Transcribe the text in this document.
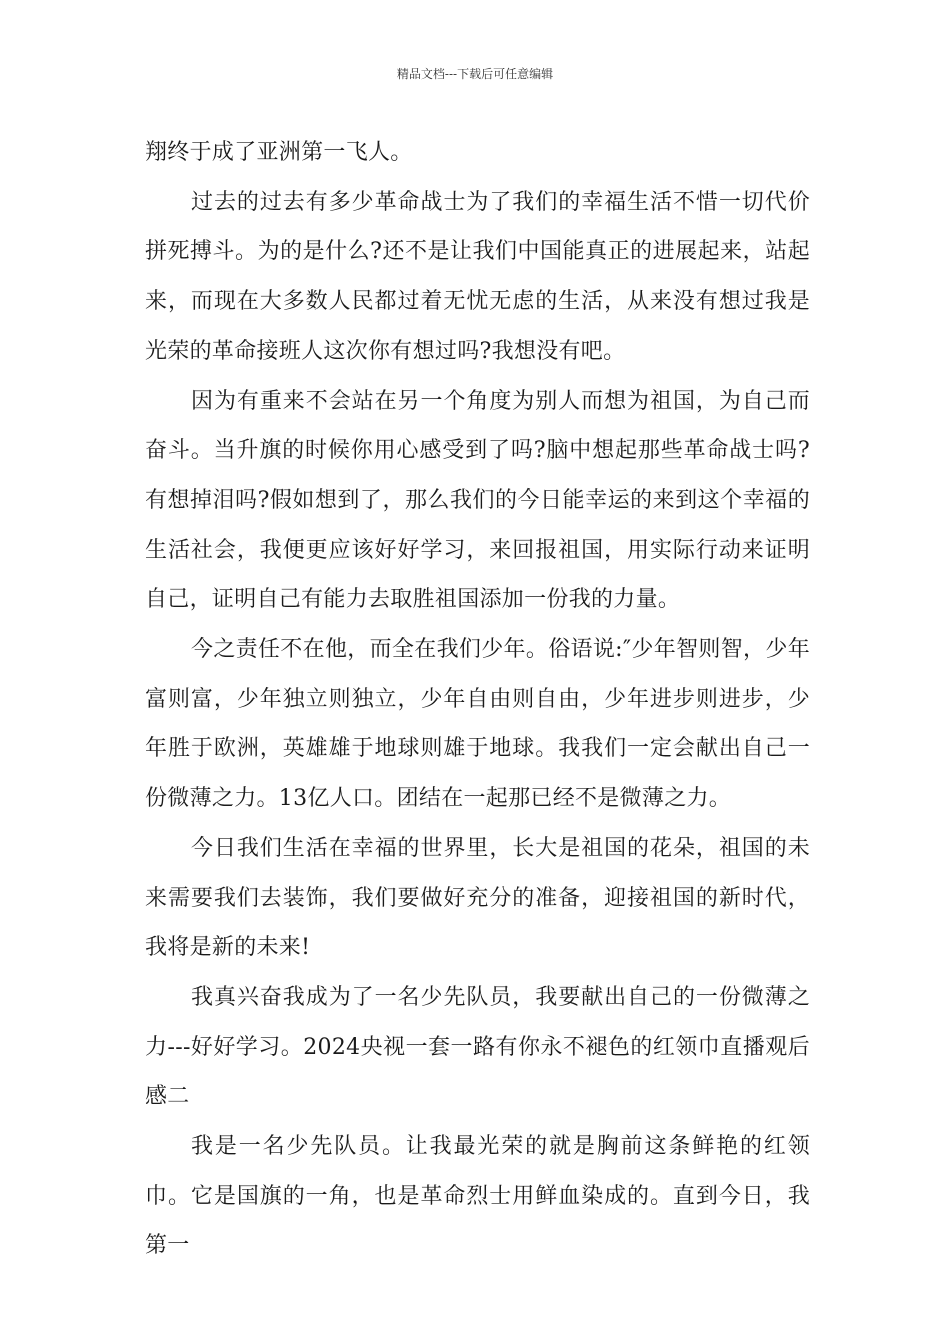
精品文档---下载后可任意编辑

翔终于成了亚洲第一飞人。

过去的过去有多少革命战士为了我们的幸福生活不惜一切代价拼死搏斗。为的是什么?还不是让我们中国能真正的进展起来，站起来，而现在大多数人民都过着无忧无虑的生活，从来没有想过我是光荣的革命接班人这次你有想过吗?我想没有吧。

因为有重来不会站在另一个角度为别人而想为祖国，为自己而奋斗。当升旗的时候你用心感受到了吗?脑中想起那些革命战士吗?有想掉泪吗?假如想到了，那么我们的今日能幸运的来到这个幸福的生活社会，我便更应该好好学习，来回报祖国，用实际行动来证明自己，证明自己有能力去取胜祖国添加一份我的力量。

今之责任不在他，而全在我们少年。俗语说:″少年智则智，少年富则富，少年独立则独立，少年自由则自由，少年进步则进步，少年胜于欧洲，英雄雄于地球则雄于地球。我我们一定会献出自己一份微薄之力。13亿人口。团结在一起那已经不是微薄之力。

今日我们生活在幸福的世界里，长大是祖国的花朵，祖国的未来需要我们去装饰，我们要做好充分的准备，迎接祖国的新时代，我将是新的未来!

我真兴奋我成为了一名少先队员，我要献出自己的一份微薄之力---好好学习。2024央视一套一路有你永不褪色的红领巾直播观后感二

我是一名少先队员。让我最光荣的就是胸前这条鲜艳的红领巾。它是国旗的一角，也是革命烈士用鲜血染成的。直到今日，我第一
